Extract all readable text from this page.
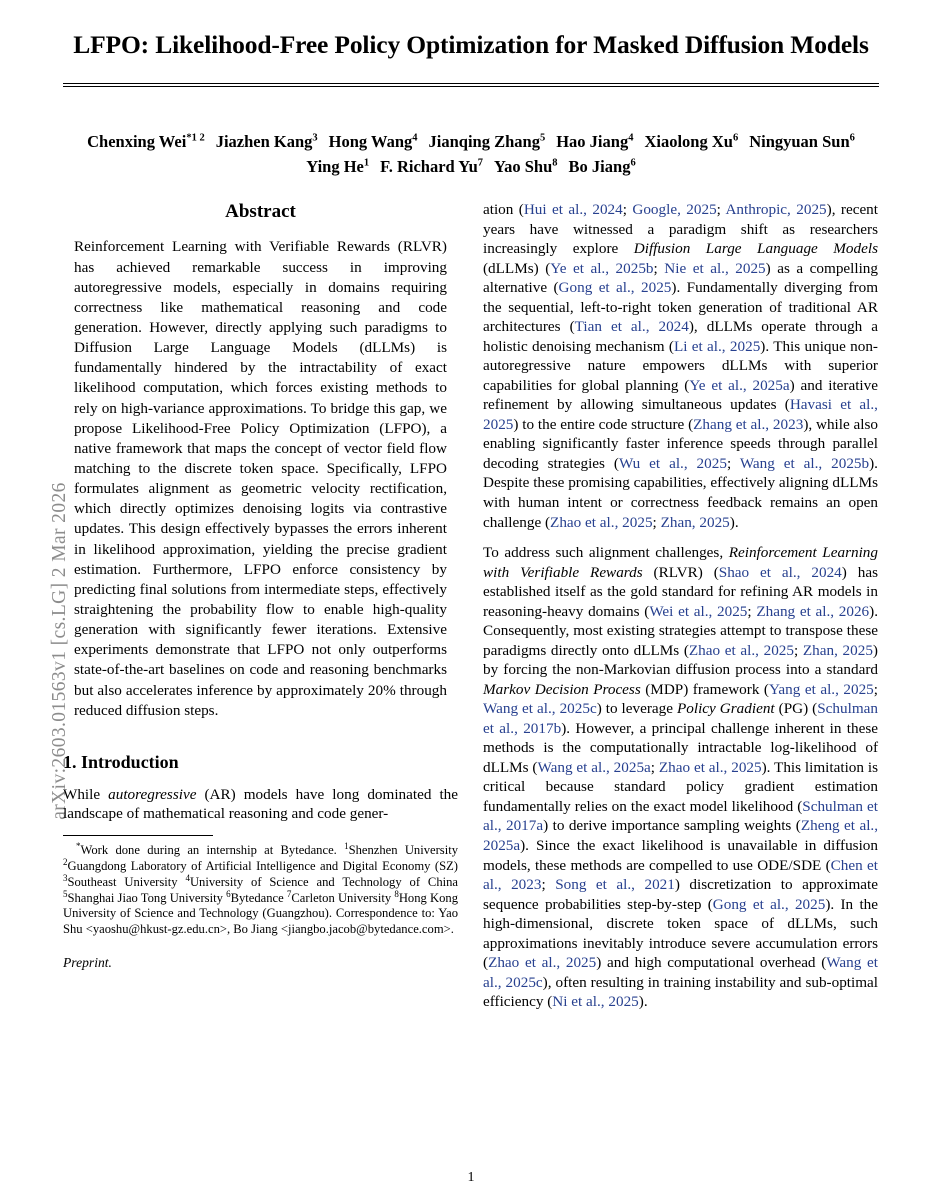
arXiv:2603.01563v1 [cs.LG] 2 Mar 2026
LFPO: Likelihood-Free Policy Optimization for Masked Diffusion Models
Chenxing Wei$^{*1 2}$ Jiazhen Kang$^3$ Hong Wang$^4$ Jianqing Zhang$^5$ Hao Jiang$^4$ Xiaolong Xu$^6$ Ningyuan Sun$^6$
Ying He$^1$ F. Richard Yu$^7$ Yao Shu$^8$ Bo Jiang$^6$
Abstract
Reinforcement Learning with Verifiable Rewards (RLVR) has achieved remarkable success in improving autoregressive models, especially in domains requiring correctness like mathematical reasoning and code generation. However, directly applying such paradigms to Diffusion Large Language Models (dLLMs) is fundamentally hindered by the intractability of exact likelihood computation, which forces existing methods to rely on high-variance approximations. To bridge this gap, we propose Likelihood-Free Policy Optimization (LFPO), a native framework that maps the concept of vector field flow matching to the discrete token space. Specifically, LFPO formulates alignment as geometric velocity rectification, which directly optimizes denoising logits via contrastive updates. This design effectively bypasses the errors inherent in likelihood approximation, yielding the precise gradient estimation. Furthermore, LFPO enforce consistency by predicting final solutions from intermediate steps, effectively straightening the probability flow to enable high-quality generation with significantly fewer iterations. Extensive experiments demonstrate that LFPO not only outperforms state-of-the-art baselines on code and reasoning benchmarks but also accelerates inference by approximately 20% through reduced diffusion steps.
1. Introduction

While autoregressive (AR) models have long dominated the landscape of mathematical reasoning and code gener-

*Work done during an internship at Bytedance. $^1$Shenzhen University $^2$Guangdong Laboratory of Artificial Intelligence and Digital Economy (SZ) $^3$Southeast University $^4$University of Science and Technology of China $^5$Shanghai Jiao Tong University $^6$Bytedance $^7$Carleton University $^8$Hong Kong University of Science and Technology (Guangzhou). Correspondence to: Yao Shu <yaoshu@hkust-gz.edu.cn>, Bo Jiang <jiangbo.jacob@bytedance.com>.
Preprint.

ation (Hui et al., 2024; Google, 2025; Anthropic, 2025), recent years have witnessed a paradigm shift as researchers increasingly explore Diffusion Large Language Models (dLLMs) (Ye et al., 2025b; Nie et al., 2025) as a compelling alternative (Gong et al., 2025). Fundamentally diverging from the sequential, left-to-right token generation of traditional AR architectures (Tian et al., 2024), dLLMs operate through a holistic denoising mechanism (Li et al., 2025). This unique non-autoregressive nature empowers dLLMs with superior capabilities for global planning (Ye et al., 2025a) and iterative refinement by allowing simultaneous updates (Havasi et al., 2025) to the entire code structure (Zhang et al., 2023), while also enabling significantly faster inference speeds through parallel decoding strategies (Wu et al., 2025; Wang et al., 2025b). Despite these promising capabilities, effectively aligning dLLMs with human intent or correctness feedback remains an open challenge (Zhao et al., 2025; Zhan, 2025).

To address such alignment challenges, Reinforcement Learning with Verifiable Rewards (RLVR) (Shao et al., 2024) has established itself as the gold standard for refining AR models in reasoning-heavy domains (Wei et al., 2025; Zhang et al., 2026). Consequently, most existing strategies attempt to transpose these paradigms directly onto dLLMs (Zhao et al., 2025; Zhan, 2025) by forcing the non-Markovian diffusion process into a standard Markov Decision Process (MDP) framework (Yang et al., 2025; Wang et al., 2025c) to leverage Policy Gradient (PG) (Schulman et al., 2017b). However, a principal challenge inherent in these methods is the computationally intractable log-likelihood of dLLMs (Wang et al., 2025a; Zhao et al., 2025). This limitation is critical because standard policy gradient estimation fundamentally relies on the exact model likelihood (Schulman et al., 2017a) to derive importance sampling weights (Zheng et al., 2025a). Since the exact likelihood is unavailable in diffusion models, these methods are compelled to use ODE/SDE (Chen et al., 2023; Song et al., 2021) discretization to approximate sequence probabilities step-by-step (Gong et al., 2025). In the high-dimensional, discrete token space of dLLMs, such approximations inevitably introduce severe accumulation errors (Zhao et al., 2025) and high computational overhead (Wang et al., 2025c), often resulting in training instability and sub-optimal efficiency (Ni et al., 2025).

1
